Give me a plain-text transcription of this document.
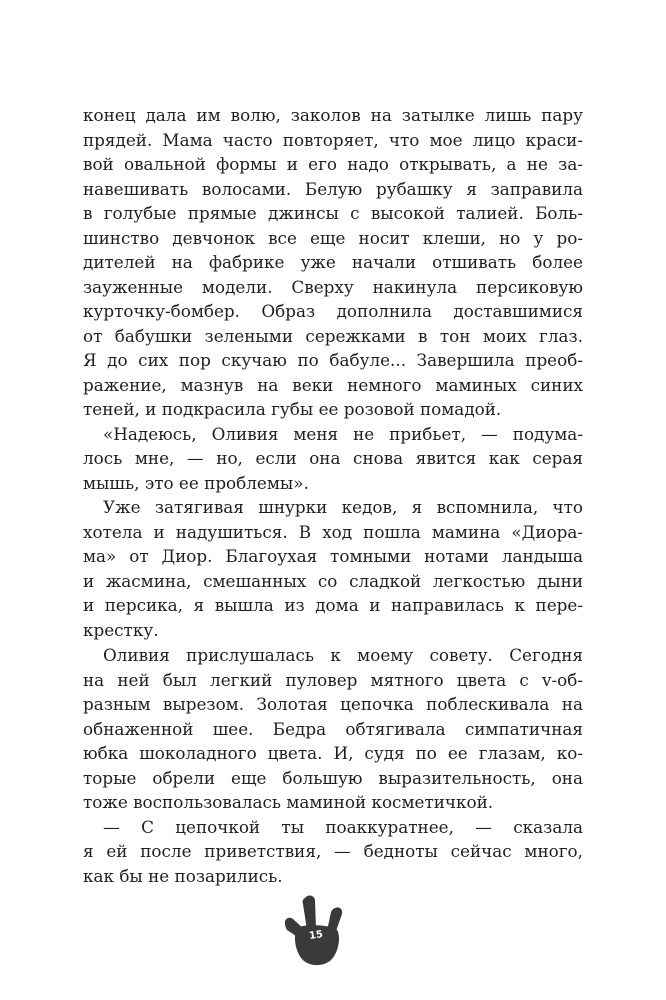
конец дала им волю, заколов на затылке лишь пару
прядей. Мама часто повторяет, что мое лицо краси-
вой овальной формы и его надо открывать, а не за-
навешивать волосами. Белую рубашку я заправила
в голубые прямые джинсы с высокой талией. Боль-
шинство девчонок все еще носит клеши, но у ро-
дителей на фабрике уже начали отшивать более
зауженные модели. Сверху накинула персиковую
курточку-бомбер. Образ дополнила доставшимися
от бабушки зелеными сережками в тон моих глаз.
Я до сих пор скучаю по бабуле... Завершила преоб-
ражение, мазнув на веки немного маминых синих
теней, и подкрасила губы ее розовой помадой.
«Надеюсь, Оливия меня не прибьет, — подума-
лось мне, — но, если она снова явится как серая
мышь, это ее проблемы».
Уже затягивая шнурки кедов, я вспомнила, что
хотела и надушиться. В ход пошла мамина «Диора-
ма» от Диор. Благоухая томными нотами ландыша
и жасмина, смешанных со сладкой легкостью дыни
и персика, я вышла из дома и направилась к пере-
крестку.
Оливия прислушалась к моему совету. Сегодня
на ней был легкий пуловер мятного цвета с v-об-
разным вырезом. Золотая цепочка поблескивала на
обнаженной шее. Бедра обтягивала симпатичная
юбка шоколадного цвета. И, судя по ее глазам, ко-
торые обрели еще большую выразительность, она
тоже воспользовалась маминой косметичкой.
— С цепочкой ты поаккуратнее, — сказала
я ей после приветствия, — бедноты сейчас много,
как бы не позарились.
15
